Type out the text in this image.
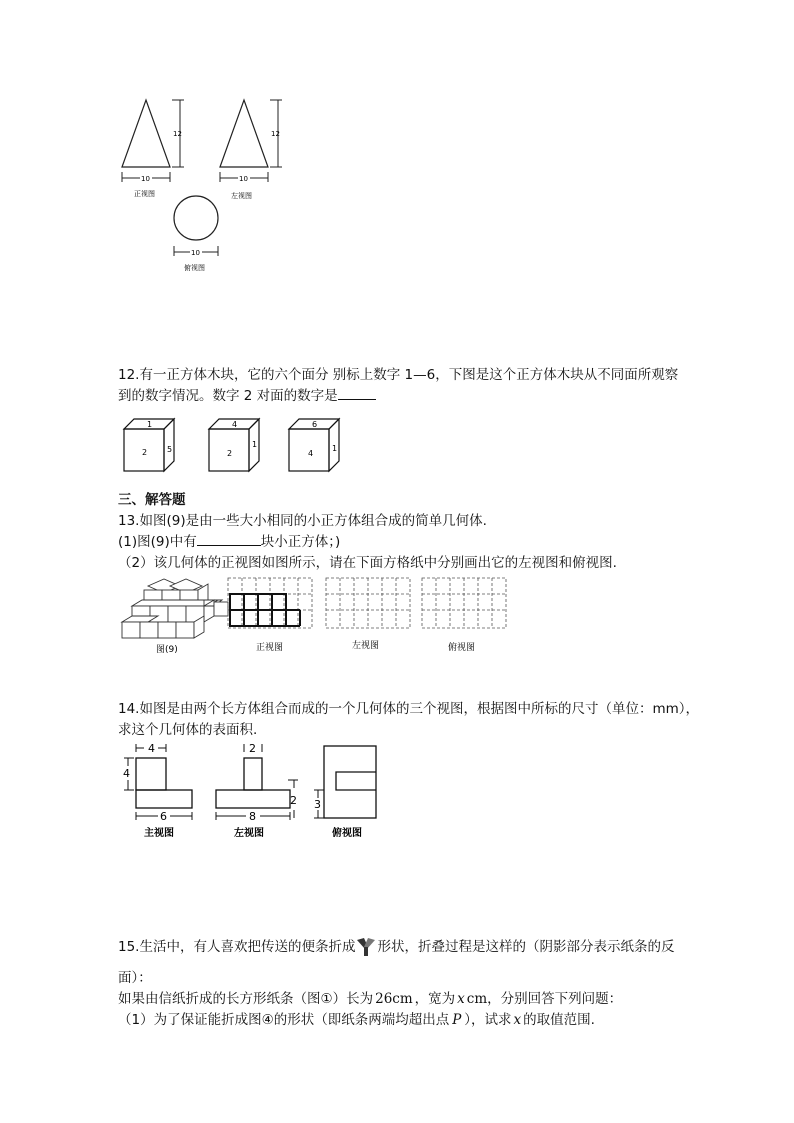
12
10
正视图
12
10
左视图
10
俯视图
12.有一正方体木块，它的六个面分 别标上数字 1—6，下图是这个正方体木块从不同面所观察
到的数字情况。数字 2 对面的数字是
1
2 5
4
2
1
6
4
1
三、解答题
13.如图(9)是由一些大小相同的小正方体组合成的简单几何体.
(1)图(9)中有	块小正方体；)
（2）该几何体的正视图如图所示，请在下面方格纸中分别画出它的左视图和俯视图.
图(9)	正视图	左视图	俯视图
14.如图是由两个长方体组合而成的一个几何体的三个视图，根据图中所标的尺寸（单位：mm），
求这个几何体的表面积.
4
4
6
主视图
2
2
8
左视图
3
俯视图
15.生活中，有人喜欢把传送的便条折成 形状，折叠过程是这样的（阴影部分表示纸条的反
面）：
如果由信纸折成的长方形纸条（图①）长为 26cm ，宽为 x cm，分别回答下列问题：
（1）为了保证能折成图④的形状（即纸条两端均超出点 P ），试求 x 的取值范围.
